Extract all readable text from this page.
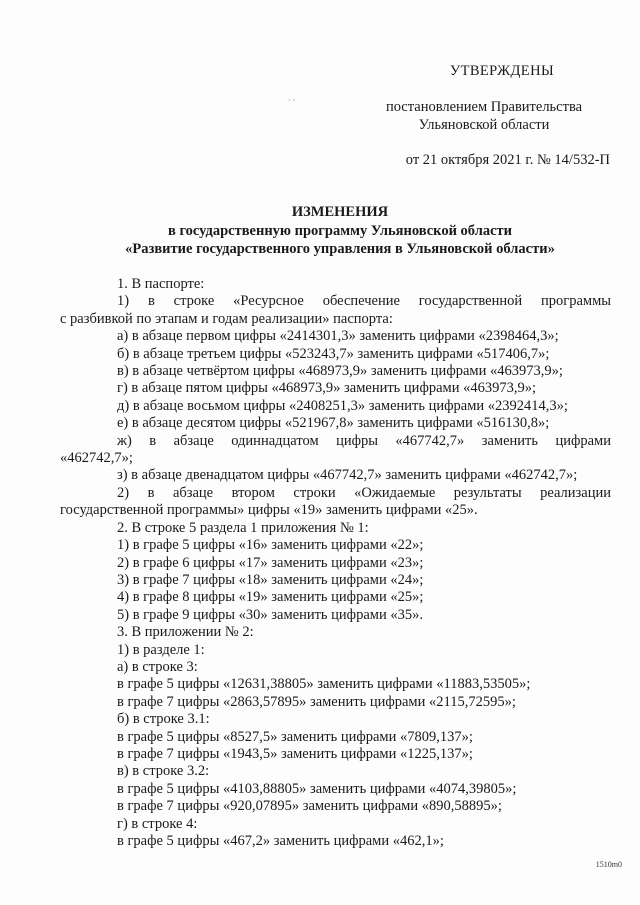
· ·
УТВЕРЖДЕНЫ
постановлением Правительства Ульяновской области
от 21 октября 2021 г. № 14/532-П
ИЗМЕНЕНИЯ
в государственную программу Ульяновской области
«Развитие государственного управления в Ульяновской области»
1. В паспорте:
1) в строке «Ресурсное обеспечение государственной программы
с разбивкой по этапам и годам реализации» паспорта:
а) в абзаце первом цифры «2414301,3» заменить цифрами «2398464,3»;
б) в абзаце третьем цифры «523243,7» заменить цифрами «517406,7»;
в) в абзаце четвёртом цифры «468973,9» заменить цифрами «463973,9»;
г) в абзаце пятом цифры «468973,9» заменить цифрами «463973,9»;
д) в абзаце восьмом цифры «2408251,3» заменить цифрами «2392414,3»;
е) в абзаце десятом цифры «521967,8» заменить цифрами «516130,8»;
ж) в абзаце одиннадцатом цифры «467742,7» заменить цифрами
«462742,7»;
з) в абзаце двенадцатом цифры «467742,7» заменить цифрами «462742,7»;
2) в абзаце втором строки «Ожидаемые результаты реализации
государственной программы» цифры «19» заменить цифрами «25».
2. В строке 5 раздела 1 приложения № 1:
1) в графе 5 цифры «16» заменить цифрами «22»;
2) в графе 6 цифры «17» заменить цифрами «23»;
3) в графе 7 цифры «18» заменить цифрами «24»;
4) в графе 8 цифры «19» заменить цифрами «25»;
5) в графе 9 цифры «30» заменить цифрами «35».
3. В приложении № 2:
1) в разделе 1:
а) в строке 3:
в графе 5 цифры «12631,38805» заменить цифрами «11883,53505»;
в графе 7 цифры «2863,57895» заменить цифрами «2115,72595»;
б) в строке 3.1:
в графе 5 цифры «8527,5» заменить цифрами «7809,137»;
в графе 7 цифры «1943,5» заменить цифрами «1225,137»;
в) в строке 3.2:
в графе 5 цифры «4103,88805» заменить цифрами «4074,39805»;
в графе 7 цифры «920,07895» заменить цифрами «890,58895»;
г) в строке 4:
в графе 5 цифры «467,2» заменить цифрами «462,1»;
1510m0
